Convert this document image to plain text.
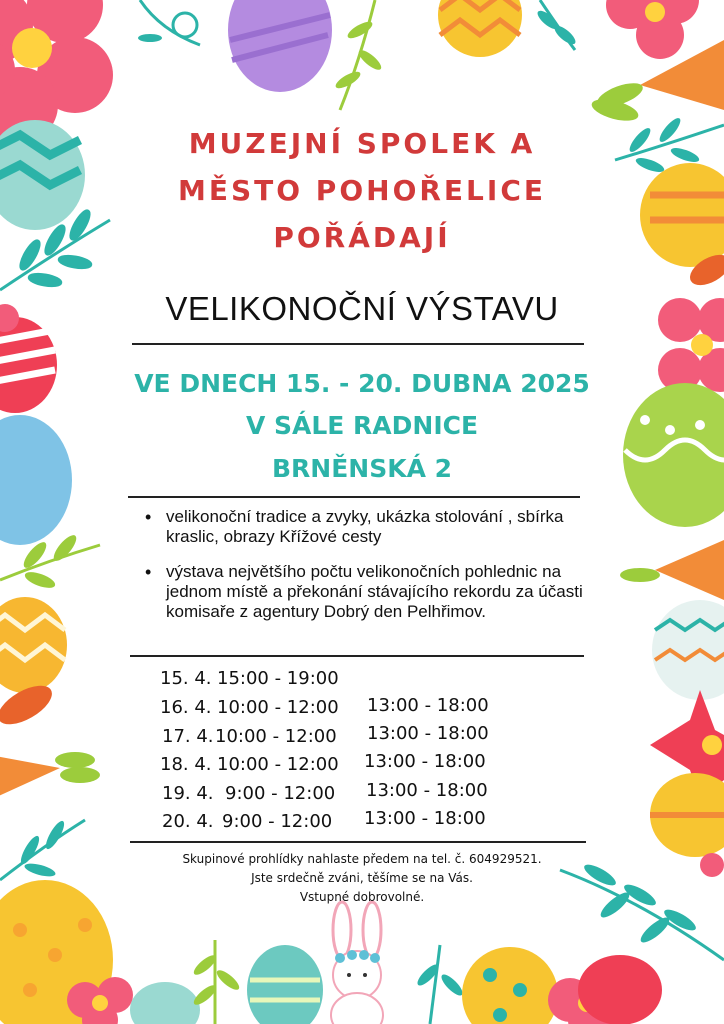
MUZEJNÍ SPOLEK A
MĚSTO POHOŘELICE
POŘÁDAJÍ
VELIKONOČNÍ VÝSTAVU
VE DNECH 15. - 20. DUBNA 2025
V SÁLE RADNICE
BRNĚNSKÁ 2
• velikonoční tradice a zvyky, ukázka stolování , sbírka kraslic, obrazy Křížové cesty
• výstava největšího počtu velikonočních pohlednic na jednom místě a překonání stávajícího rekordu za účasti komisaře z agentury Dobrý den Pelhřimov.
15. 4. 15:00 - 19:00
16. 4. 10:00 - 12:00 13:00 - 18:00
17. 4. 10:00 - 12:00 13:00 - 18:00
18. 4. 10:00 - 12:00 13:00 - 18:00
19. 4. 9:00 - 12:00 13:00 - 18:00
20. 4. 9:00 - 12:00 13:00 - 18:00
Skupinové prohlídky nahlaste předem na tel. č. 604929521.
Jste srdečně zváni, těšíme se na Vás.
Vstupné dobrovolné.
